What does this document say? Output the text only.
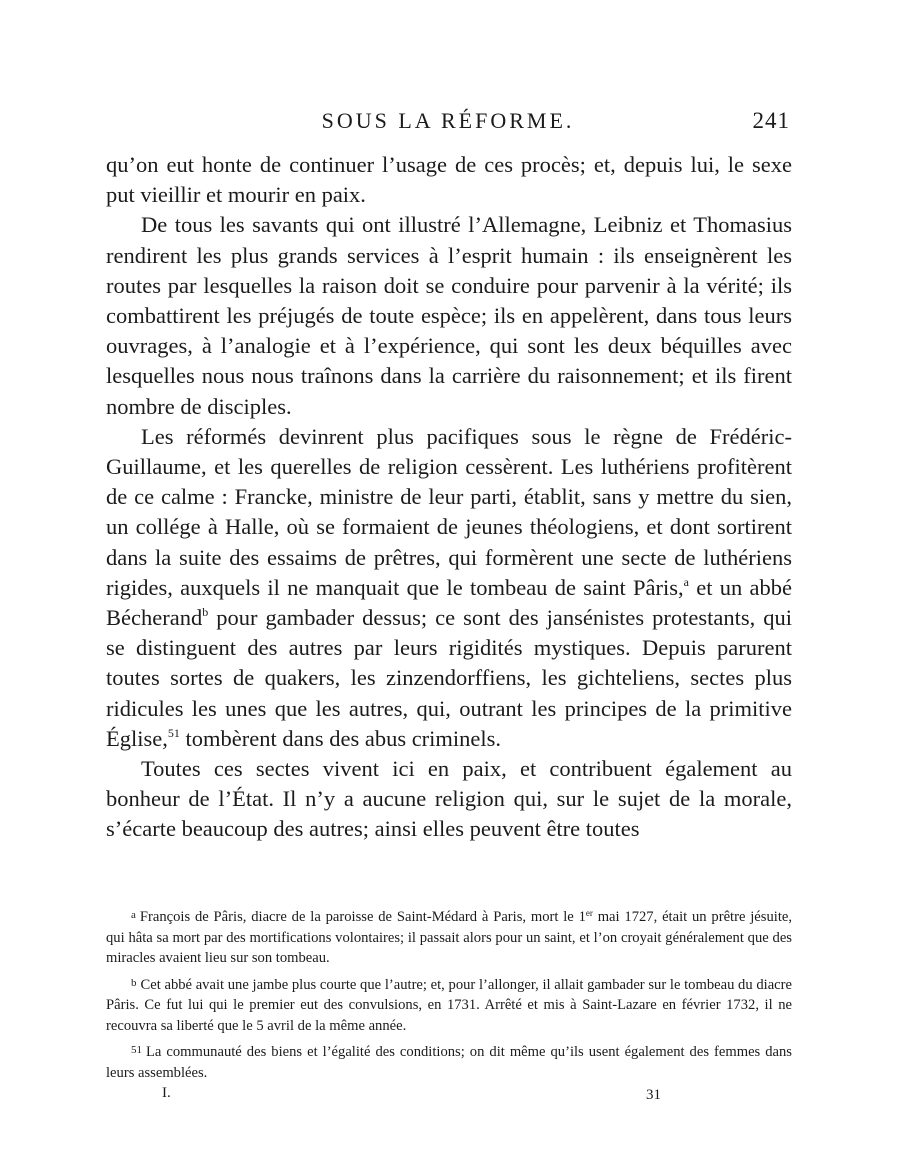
SOUS LA RÉFORME.	241

qu’on eut honte de continuer l’usage de ces procès; et, depuis lui, le sexe put vieillir et mourir en paix.

De tous les savants qui ont illustré l’Allemagne, Leibniz et Thomasius rendirent les plus grands services à l’esprit humain : ils enseignèrent les routes par lesquelles la raison doit se conduire pour parvenir à la vérité; ils combattirent les préjugés de toute espèce; ils en appelèrent, dans tous leurs ouvrages, à l’analogie et à l’expérience, qui sont les deux béquilles avec lesquelles nous nous traînons dans la carrière du raisonnement; et ils firent nombre de disciples.

Les réformés devinrent plus pacifiques sous le règne de Frédéric-Guillaume, et les querelles de religion cessèrent. Les luthériens profitèrent de ce calme : Francke, ministre de leur parti, établit, sans y mettre du sien, un collége à Halle, où se formaient de jeunes théologiens, et dont sortirent dans la suite des essaims de prêtres, qui formèrent une secte de luthériens rigides, auxquels il ne manquait que le tombeau de saint Pâris,$^a$ et un abbé Bécherand$^b$ pour gambader dessus; ce sont des jansénistes protestants, qui se distinguent des autres par leurs rigidités mystiques. Depuis parurent toutes sortes de quakers, les zinzendorffiens, les gichteliens, sectes plus ridicules les unes que les autres, qui, outrant les principes de la primitive Église,$^{51}$ tombèrent dans des abus criminels.

Toutes ces sectes vivent ici en paix, et contribuent également au bonheur de l’État. Il n’y a aucune religion qui, sur le sujet de la morale, s’écarte beaucoup des autres; ainsi elles peuvent être toutes

$^a$ François de Pâris, diacre de la paroisse de Saint-Médard à Paris, mort le 1er mai 1727, était un prêtre jésuite, qui hâta sa mort par des mortifications volontaires; il passait alors pour un saint, et l’on croyait généralement que des miracles avaient lieu sur son tombeau.

$^b$ Cet abbé avait une jambe plus courte que l’autre; et, pour l’allonger, il allait gambader sur le tombeau du diacre Pâris. Ce fut lui qui le premier eut des convulsions, en 1731. Arrêté et mis à Saint-Lazare en février 1732, il ne recouvra sa liberté que le 5 avril de la même année.

$^{51}$ La communauté des biens et l’égalité des conditions; on dit même qu’ils usent également des femmes dans leurs assemblées.

I.	31
